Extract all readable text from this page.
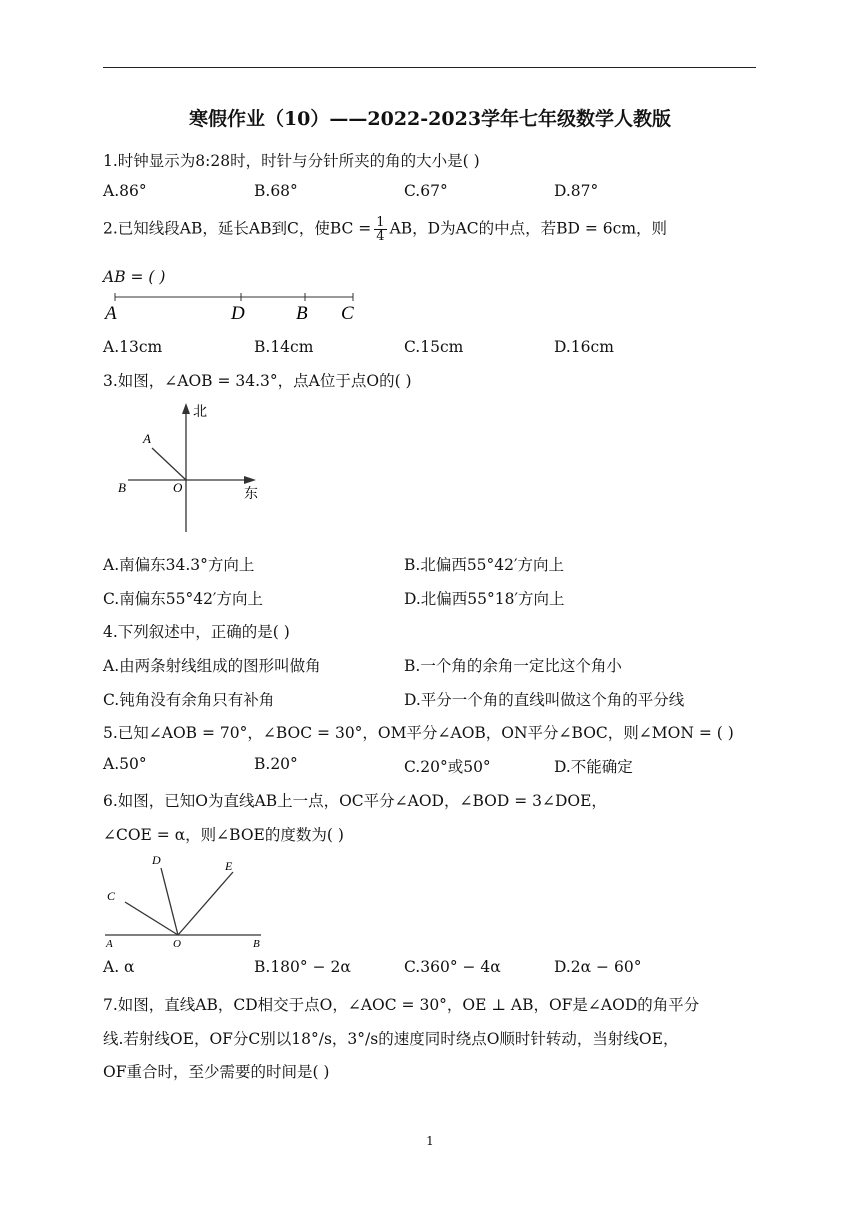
寒假作业（10）——2022-2023学年七年级数学人教版
1.时钟显示为8:28时，时针与分针所夹的角的大小是( )
A.86°	B.68°	C.67°	D.87°
2.已知线段AB，延长AB到C，使BC = $\frac{1}{4}$ AB，D为AC的中点，若BD = 6cm，则
AB = ( )
A	D	B C
A.13cm	B.14cm	C.15cm	D.16cm
3.如图，∠AOB = 34.3°，点A位于点O的( )
北
东
A
B	O
A.南偏东34.3°方向上	B.北偏西55°42′方向上
C.南偏东55°42′方向上	D.北偏西55°18′方向上
4.下列叙述中，正确的是( )
A.由两条射线组成的图形叫做角	B.一个角的余角一定比这个角小
C.钝角没有余角只有补角	D.平分一个角的直线叫做这个角的平分线
5.已知∠AOB = 70°，∠BOC = 30°，OM平分∠AOB，ON平分∠BOC，则∠MON = ( )
A.50°	B.20°	C.20°或50°	D.不能确定
6.如图，已知O为直线AB上一点，OC平分∠AOD，∠BOD = 3∠DOE，
∠COE = α，则∠BOE的度数为( )
D	E
C
A	O	B
A. α	B.180° − 2α	C.360° − 4α	D.2α − 60°
7.如图，直线AB，CD相交于点O，∠AOC = 30°，OE ⊥ AB，OF是∠AOD的角平分
线.若射线OE，OF分C别以18°/s，3°/s的速度同时绕点O顺时针转动，当射线OE，
OF重合时，至少需要的时间是( )
1
